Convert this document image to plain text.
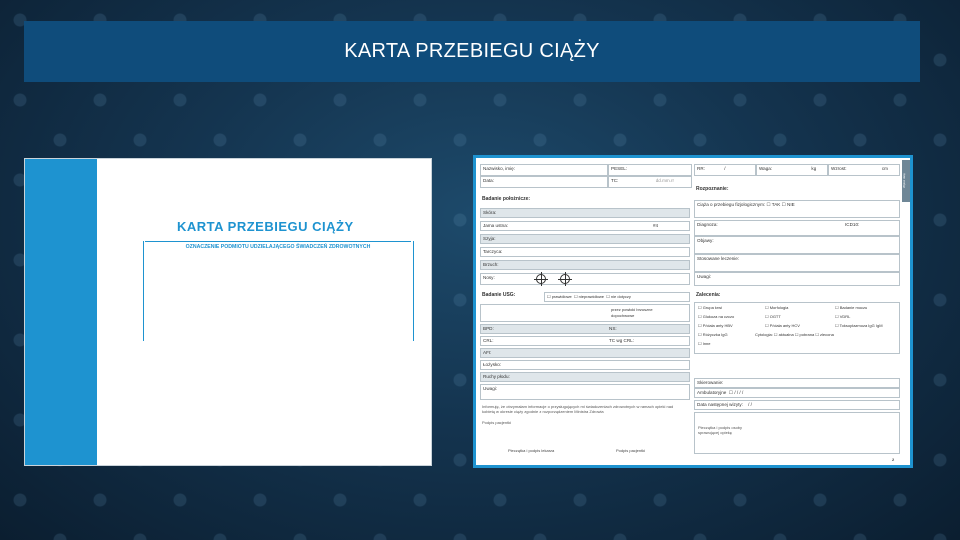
KARTA PRZEBIEGU CIĄŻY
KARTA PRZEBIEGU CIĄŻY
OZNACZENIE PODMIOTU UDZIELAJĄCEGO ŚWIADCZEŃ ZDROWOTNYCH
Nazwisko, imię:	PESEL:
Data:	TC:	dd.mm.rr
RR:	/	Waga:	kg	Wzrost:	cm
Wpisz datę
Badanie położnicze:
Skóra:
Jama ustna:	#4
Szyja:
Tarczyca:
Brzuch:
Nosy:
Rozpoznanie:
Ciąża o przebiegu fizjologicznym: ☐ TAK ☐ NIE
Diagnoza:	ICD10:
Objawy:
Stosowane leczenie:
Uwagi:
Badanie USG:	☐ prawidłowe  ☐ nieprawidłowe  ☐ nie dotyczy
przez powłoki brzuszne
dopochwowe
BPD:	NS:
CRL:	TC wg CRL:
AFI:
Łożysko:
Ruchy płodu:
Uwagi:
Informuję, że otrzymałam informacje o przysługujących mi świadczeniach zdrowotnych w ramach opieki nad kobietą w okresie ciąży zgodnie z rozporządzeniem Ministra Zdrowia
Podpis pacjentki
Zalecenia:
☐ Grupa krwi	☐ Morfologia	☐ Badanie moczu
☐ Glukoza na czczo	☐ OGTT	☐ VDRL
☐ P/ciała anty HBV	☐ P/ciała anty HCV	☐ Toksoplazmoza IgG IgM
☐ Różyczka IgG	Cytologia: ☐ aktualna ☐ pobrana ☐ zlecona
☐ Inne
Skierowanie:
Ambulatoryjne  ☐ / / / /
Data następnej wizyty:    / /
Pieczątka i podpis osoby sprawującej opiekę
Pieczątka i podpis lekarza	Podpis pacjentki
2
